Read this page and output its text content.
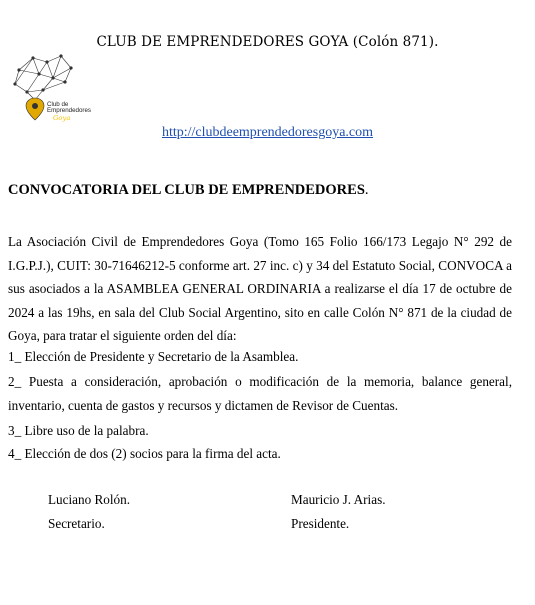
CLUB DE EMPRENDEDORES GOYA (Colón 871).
Club de
Emprendedores
Goya
http://clubdeemprendedoresgoya.com
CONVOCATORIA DEL CLUB DE EMPRENDEDORES.
La Asociación Civil de Emprendedores Goya (Tomo 165 Folio 166/173 Legajo N° 292 de I.G.P.J.), CUIT: 30-71646212-5 conforme art. 27 inc. c) y 34 del Estatuto Social, CONVOCA a sus asociados a la ASAMBLEA GENERAL ORDINARIA a realizarse el día 17 de octubre de 2024 a las 19hs, en sala del Club Social Argentino, sito en calle Colón N° 871 de la ciudad de Goya, para tratar el siguiente orden del día:
1_ Elección de Presidente y Secretario de la Asamblea.
2_ Puesta a consideración, aprobación o modificación de la memoria, balance general, inventario, cuenta de gastos y recursos y dictamen de Revisor de Cuentas.
3_ Libre uso de la palabra.
4_ Elección de dos (2) socios para la firma del acta.
Luciano Rolón.
Secretario.
Mauricio J. Arias.
Presidente.
